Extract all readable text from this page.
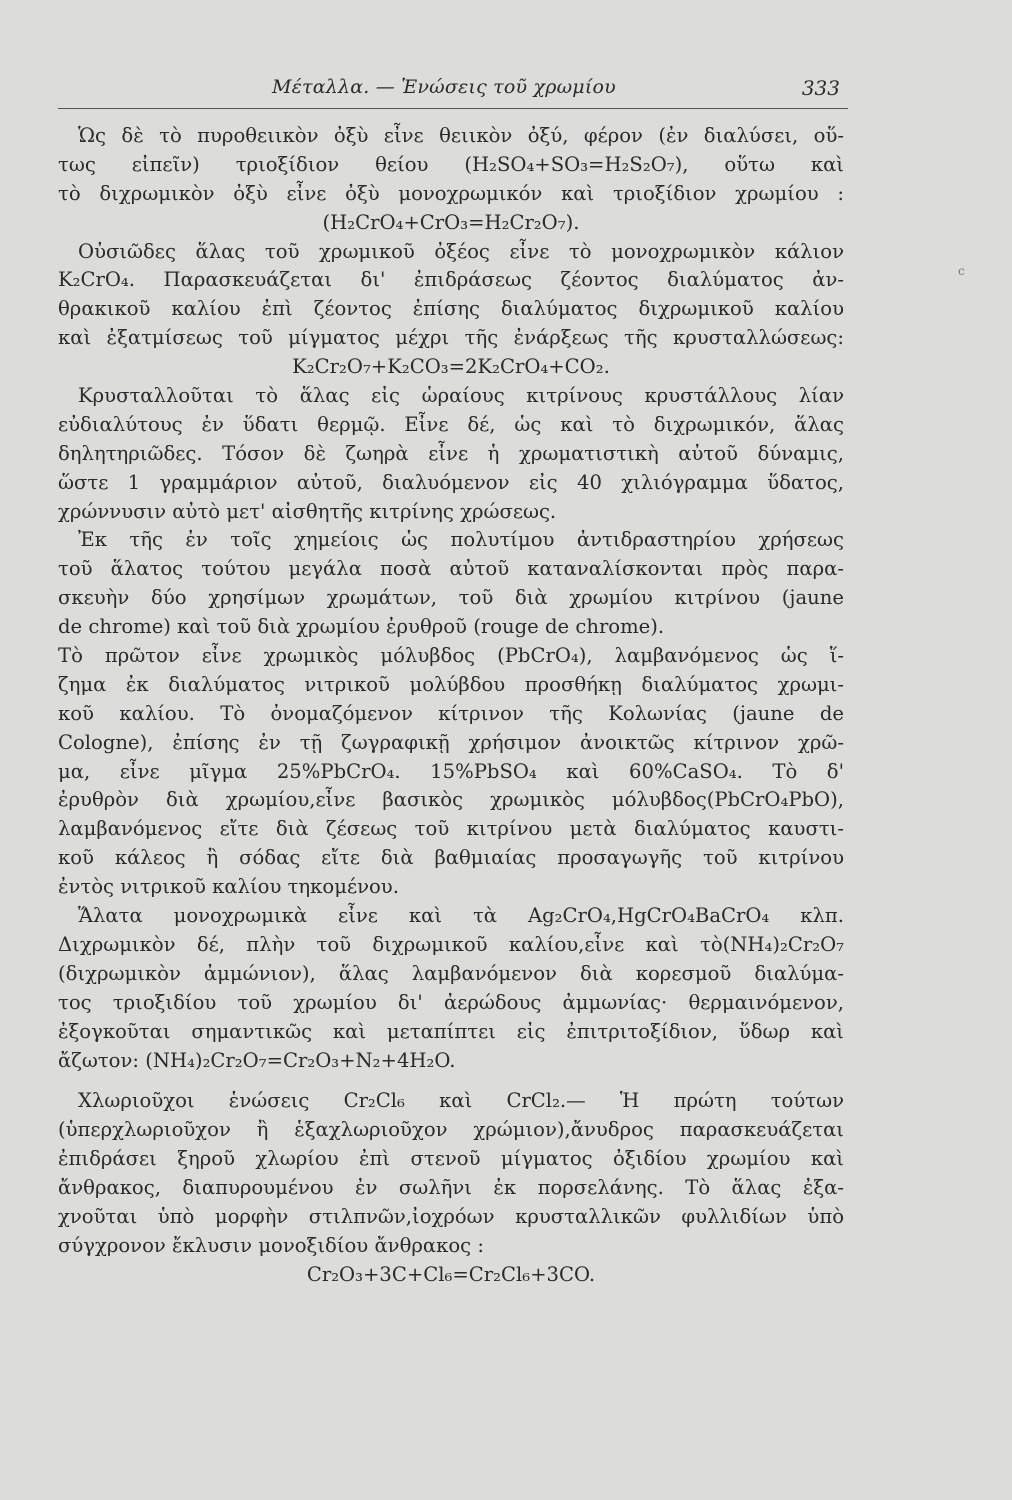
Μέταλλα. — Ἑνώσεις τοῦ χρωμίου	333
c
Ὡς δὲ τὸ πυροθειικὸν ὀξὺ εἶνε θειικὸν ὀξύ, φέρον (ἐν διαλύσει, οὕ-
τως εἰπεῖν) τριοξίδιον θείου (H₂SO₄+SO₃=H₂S₂O₇), οὕτω καὶ
τὸ διχρωμικὸν ὀξὺ εἶνε ὀξὺ μονοχρωμικόν καὶ τριοξίδιον χρωμίου :
(H₂CrO₄+CrO₃=H₂Cr₂O₇).
Οὐσιῶδες ἅλας τοῦ χρωμικοῦ ὀξέος εἶνε τὸ μονοχρωμικὸν κάλιον
K₂CrO₄. Παρασκευάζεται δι' ἐπιδράσεως ζέοντος διαλύματος ἀν-
θρακικοῦ καλίου ἐπὶ ζέοντος ἐπίσης διαλύματος διχρωμικοῦ καλίου
καὶ ἐξατμίσεως τοῦ μίγματος μέχρι τῆς ἐνάρξεως τῆς κρυσταλλώσεως:
K₂Cr₂O₇+K₂CO₃=2K₂CrO₄+CO₂.
Κρυσταλλοῦται τὸ ἅλας εἰς ὡραίους κιτρίνους κρυστάλλους λίαν
εὐδιαλύτους ἐν ὕδατι θερμῷ. Εἶνε δέ, ὡς καὶ τὸ διχρωμικόν, ἅλας
δηλητηριῶδες. Τόσον δὲ ζωηρὰ εἶνε ἡ χρωματιστικὴ αὐτοῦ δύναμις,
ὥστε 1 γραμμάριον αὐτοῦ, διαλυόμενον εἰς 40 χιλιόγραμμα ὕδατος,
χρώννυσιν αὐτὸ μετ' αἰσθητῆς κιτρίνης χρώσεως.
Ἐκ τῆς ἐν τοῖς χημείοις ὡς πολυτίμου ἀντιδραστηρίου χρήσεως
τοῦ ἅλατος τούτου μεγάλα ποσὰ αὐτοῦ καταναλίσκονται πρὸς παρα-
σκευὴν δύο χρησίμων χρωμάτων, τοῦ διὰ χρωμίου κιτρίνου (jaune
de chrome) καὶ τοῦ διὰ χρωμίου ἐρυθροῦ (rouge de chrome).
Τὸ πρῶτον εἶνε χρωμικὸς μόλυβδος (PbCrO₄), λαμβανόμενος ὡς ἵ-
ζημα ἐκ διαλύματος νιτρικοῦ μολύβδου προσθήκῃ διαλύματος χρωμι-
κοῦ καλίου. Τὸ ὀνομαζόμενον κίτρινον τῆς Κολωνίας (jaune de
Cologne), ἐπίσης ἐν τῇ ζωγραφικῇ χρήσιμον ἀνοικτῶς κίτρινον χρῶ-
μα, εἶνε μῖγμα 25%PbCrO₄. 15%PbSO₄ καὶ 60%CaSO₄. Τὸ δ'
ἐρυθρὸν διὰ χρωμίου,εἶνε βασικὸς χρωμικὸς μόλυβδος(PbCrO₄PbO),
λαμβανόμενος εἴτε διὰ ζέσεως τοῦ κιτρίνου μετὰ διαλύματος καυστι-
κοῦ κάλεος ἢ σόδας εἴτε διὰ βαθμιαίας προσαγωγῆς τοῦ κιτρίνου
ἐντὸς νιτρικοῦ καλίου τηκομένου.
Ἅλατα μονοχρωμικὰ εἶνε καὶ τὰ Ag₂CrO₄,HgCrO₄BaCrO₄ κλπ.
Διχρωμικὸν δέ, πλὴν τοῦ διχρωμικοῦ καλίου,εἶνε καὶ τὸ(NH₄)₂Cr₂O₇
(διχρωμικὸν ἀμμώνιον), ἅλας λαμβανόμενον διὰ κορεσμοῦ διαλύμα-
τος τριοξιδίου τοῦ χρωμίου δι' ἀερώδους ἀμμωνίας· θερμαινόμενον,
ἐξογκοῦται σημαντικῶς καὶ μεταπίπτει εἰς ἐπιτριτοξίδιον, ὕδωρ καὶ
ἄζωτον: (NH₄)₂Cr₂O₇=Cr₂O₃+N₂+4H₂O.
Χλωριοῦχοι ἑνώσεις Cr₂Cl₆ καὶ CrCl₂.— Ἡ πρώτη τούτων
(ὑπερχλωριοῦχον ἢ ἑξαχλωριοῦχον χρώμιον),ἄνυδρος παρασκευάζεται
ἐπιδράσει ξηροῦ χλωρίου ἐπὶ στενοῦ μίγματος ὀξιδίου χρωμίου καὶ
ἄνθρακος, διαπυρουμένου ἐν σωλῆνι ἐκ πορσελάνης. Τὸ ἅλας ἐξα-
χνοῦται ὑπὸ μορφὴν στιλπνῶν,ἰοχρόων κρυσταλλικῶν φυλλιδίων ὑπὸ
σύγχρονον ἔκλυσιν μονοξιδίου ἄνθρακος :
Cr₂O₃+3C+Cl₆=Cr₂Cl₆+3CO.
